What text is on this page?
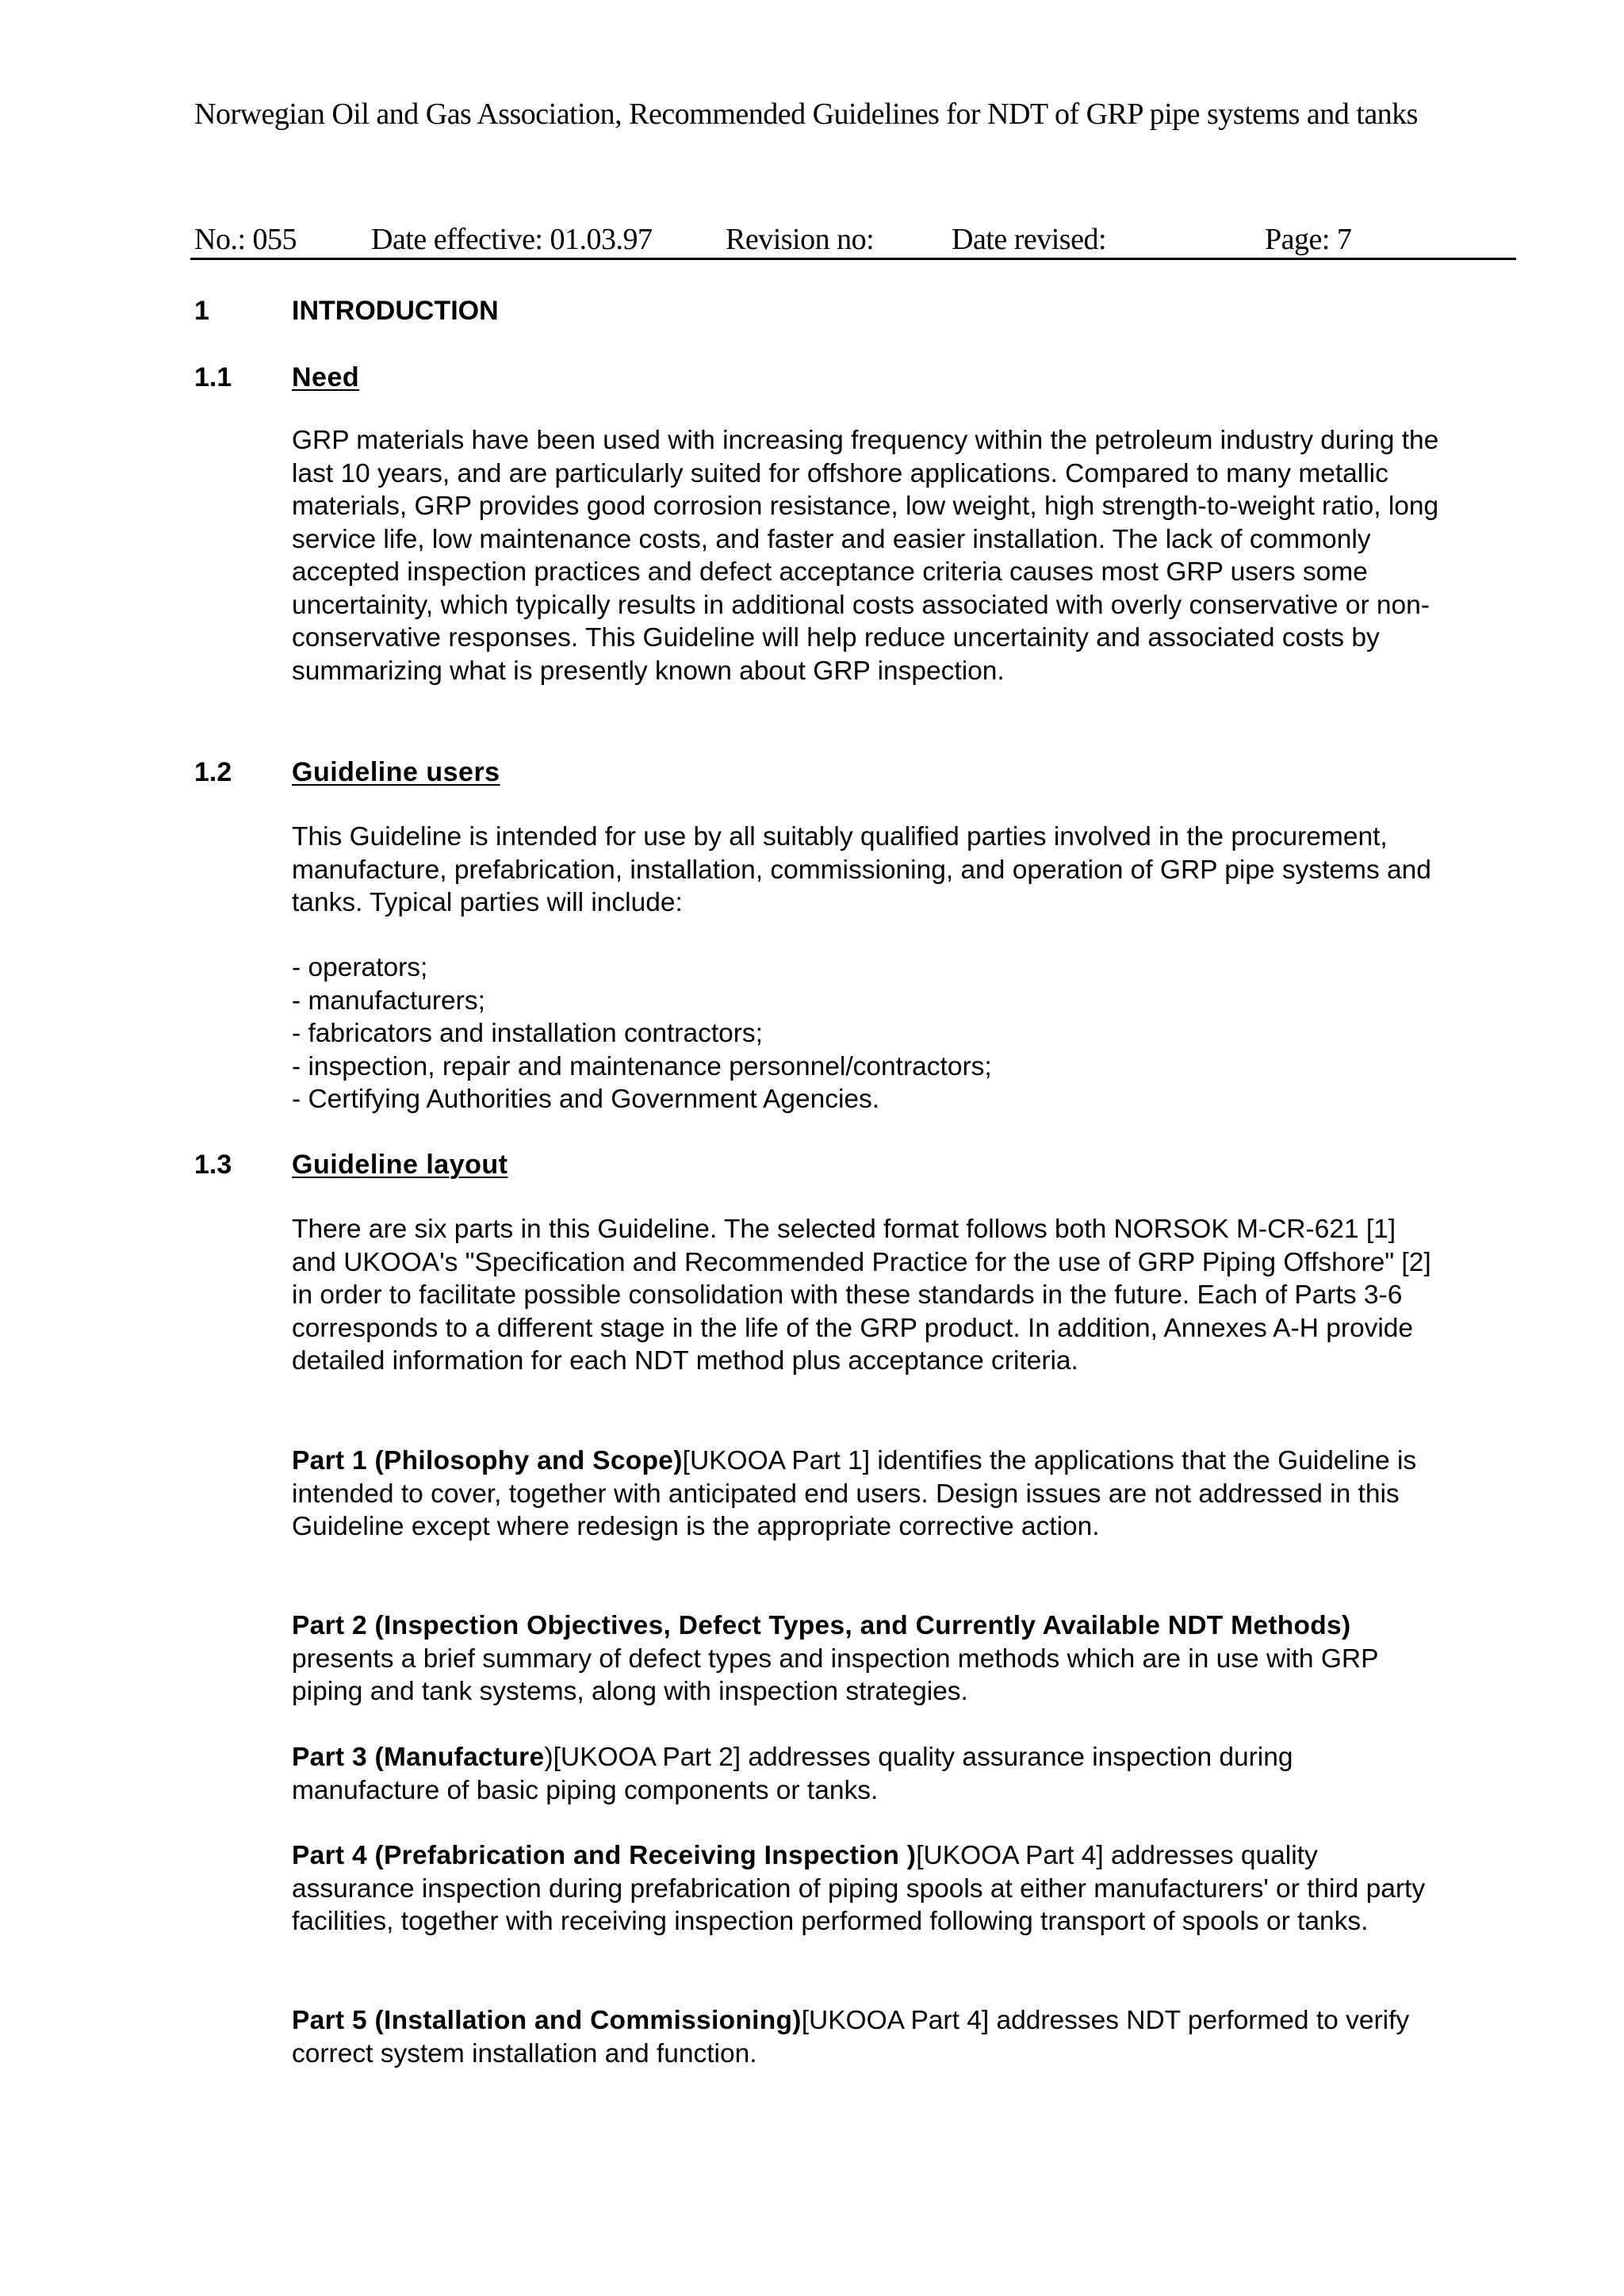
Norwegian Oil and Gas Association, Recommended Guidelines for NDT of GRP pipe systems and tanks
No.: 055 Date effective: 01.03.97 Revision no:	Date revised:	Page: 7
1	INTRODUCTION
1.1 Need

GRP materials have been used with increasing frequency within the petroleum industry during the last 10 years, and are particularly suited for offshore applications. Compared to many metallic materials, GRP provides good corrosion resistance, low weight, high strength-to-weight ratio, long service life, low maintenance costs, and faster and easier installation. The lack of commonly accepted inspection practices and defect acceptance criteria causes most GRP users some uncertainity, which typically results in additional costs associated with overly conservative or non-conservative responses. This Guideline will help reduce uncertainity and associated costs by summarizing what is presently known about GRP inspection.

1.2 Guideline users

This Guideline is intended for use by all suitably qualified parties involved in the procurement, manufacture, prefabrication, installation, commissioning, and operation of GRP pipe systems and tanks. Typical parties will include:

- operators;
- manufacturers;
- fabricators and installation contractors;
- inspection, repair and maintenance personnel/contractors;
- Certifying Authorities and Government Agencies.
1.3 Guideline layout

There are six parts in this Guideline. The selected format follows both NORSOK M-CR-621 [1] and UKOOA's "Specification and Recommended Practice for the use of GRP Piping Offshore" [2] in order to facilitate possible consolidation with these standards in the future. Each of Parts 3-6 corresponds to a different stage in the life of the GRP product. In addition, Annexes A-H provide detailed information for each NDT method plus acceptance criteria.

Part 1 (Philosophy and Scope)[UKOOA Part 1] identifies the applications that the Guideline is intended to cover, together with anticipated end users. Design issues are not addressed in this Guideline except where redesign is the appropriate corrective action.

Part 2 (Inspection Objectives, Defect Types, and Currently Available NDT Methods) presents a brief summary of defect types and inspection methods which are in use with GRP piping and tank systems, along with inspection strategies.

Part 3 (Manufacture)[UKOOA Part 2] addresses quality assurance inspection during manufacture of basic piping components or tanks.

Part 4 (Prefabrication and Receiving Inspection )[UKOOA Part 4] addresses quality assurance inspection during prefabrication of piping spools at either manufacturers' or third party facilities, together with receiving inspection performed following transport of spools or tanks.

Part 5 (Installation and Commissioning)[UKOOA Part 4] addresses NDT performed to verify correct system installation and function.
